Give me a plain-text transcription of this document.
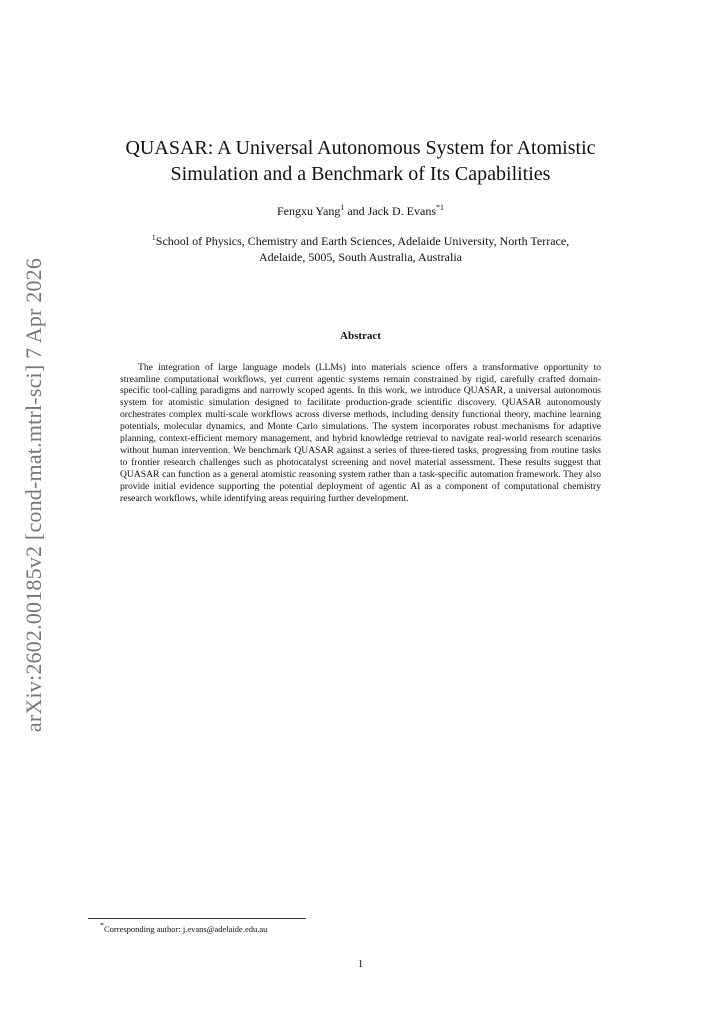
arXiv:2602.00185v2 [cond-mat.mtrl-sci] 7 Apr 2026
QUASAR: A Universal Autonomous System for Atomistic
Simulation and a Benchmark of Its Capabilities
Fengxu Yang$^1$ and Jack D. Evans$^{*1}$
$^1$School of Physics, Chemistry and Earth Sciences, Adelaide University, North Terrace,
Adelaide, 5005, South Australia, Australia
Abstract

The integration of large language models (LLMs) into materials science offers a transformative opportunity to streamline computational workflows, yet current agentic systems remain constrained by rigid, carefully crafted domain-specific tool-calling paradigms and narrowly scoped agents. In this work, we introduce QUASAR, a universal autonomous system for atomistic simulation designed to facilitate production-grade scientific discovery. QUASAR autonomously orchestrates complex multi-scale workflows across diverse methods, including density functional theory, machine learning potentials, molecular dynamics, and Monte Carlo simulations. The system incorporates robust mechanisms for adaptive planning, context-efficient memory management, and hybrid knowledge retrieval to navigate real-world research scenarios without human intervention. We benchmark QUASAR against a series of three-tiered tasks, progressing from routine tasks to frontier research challenges such as photocatalyst screening and novel material assessment. These results suggest that QUASAR can function as a general atomistic reasoning system rather than a task-specific automation framework. They also provide initial evidence supporting the potential deployment of agentic AI as a component of computational chemistry research workflows, while identifying areas requiring further development.

*Corresponding author: j.evans@adelaide.edu.au
1
